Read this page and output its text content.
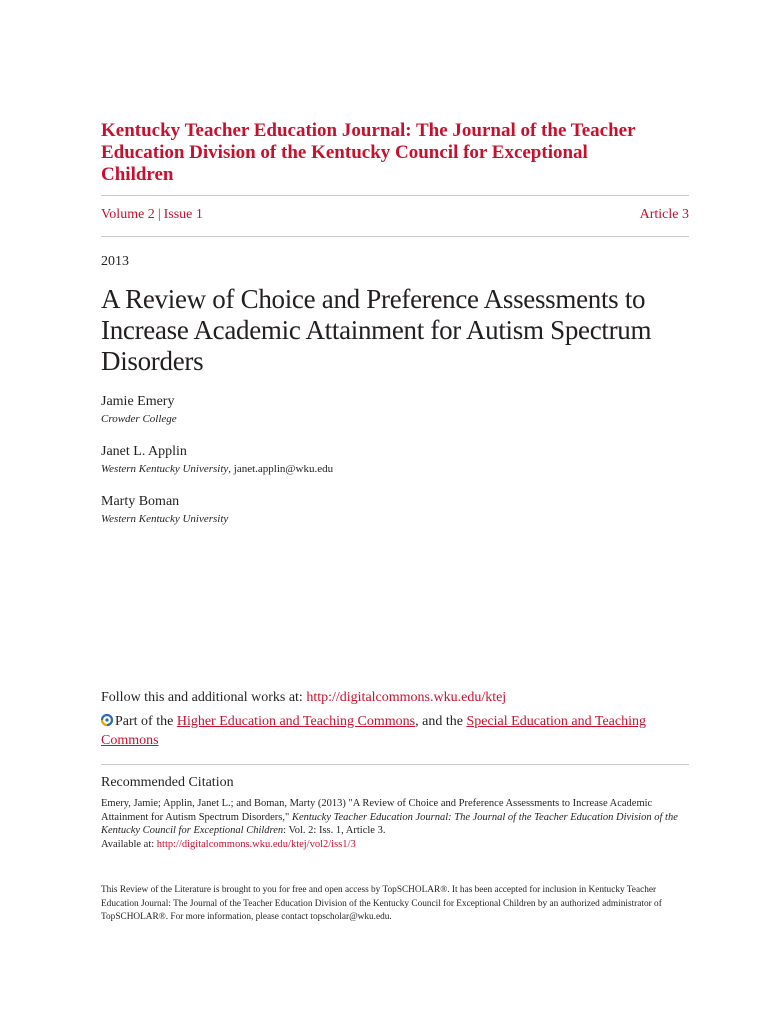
Kentucky Teacher Education Journal: The Journal of the Teacher Education Division of the Kentucky Council for Exceptional Children
Volume 2 | Issue 1	Article 3
2013
A Review of Choice and Preference Assessments to Increase Academic Attainment for Autism Spectrum Disorders
Jamie Emery
Crowder College
Janet L. Applin
Western Kentucky University, janet.applin@wku.edu
Marty Boman
Western Kentucky University
Follow this and additional works at: http://digitalcommons.wku.edu/ktej
Part of the Higher Education and Teaching Commons, and the Special Education and Teaching Commons
Recommended Citation
Emery, Jamie; Applin, Janet L.; and Boman, Marty (2013) "A Review of Choice and Preference Assessments to Increase Academic Attainment for Autism Spectrum Disorders," Kentucky Teacher Education Journal: The Journal of the Teacher Education Division of the Kentucky Council for Exceptional Children: Vol. 2: Iss. 1, Article 3.
Available at: http://digitalcommons.wku.edu/ktej/vol2/iss1/3
This Review of the Literature is brought to you for free and open access by TopSCHOLAR®. It has been accepted for inclusion in Kentucky Teacher Education Journal: The Journal of the Teacher Education Division of the Kentucky Council for Exceptional Children by an authorized administrator of TopSCHOLAR®. For more information, please contact topscholar@wku.edu.
